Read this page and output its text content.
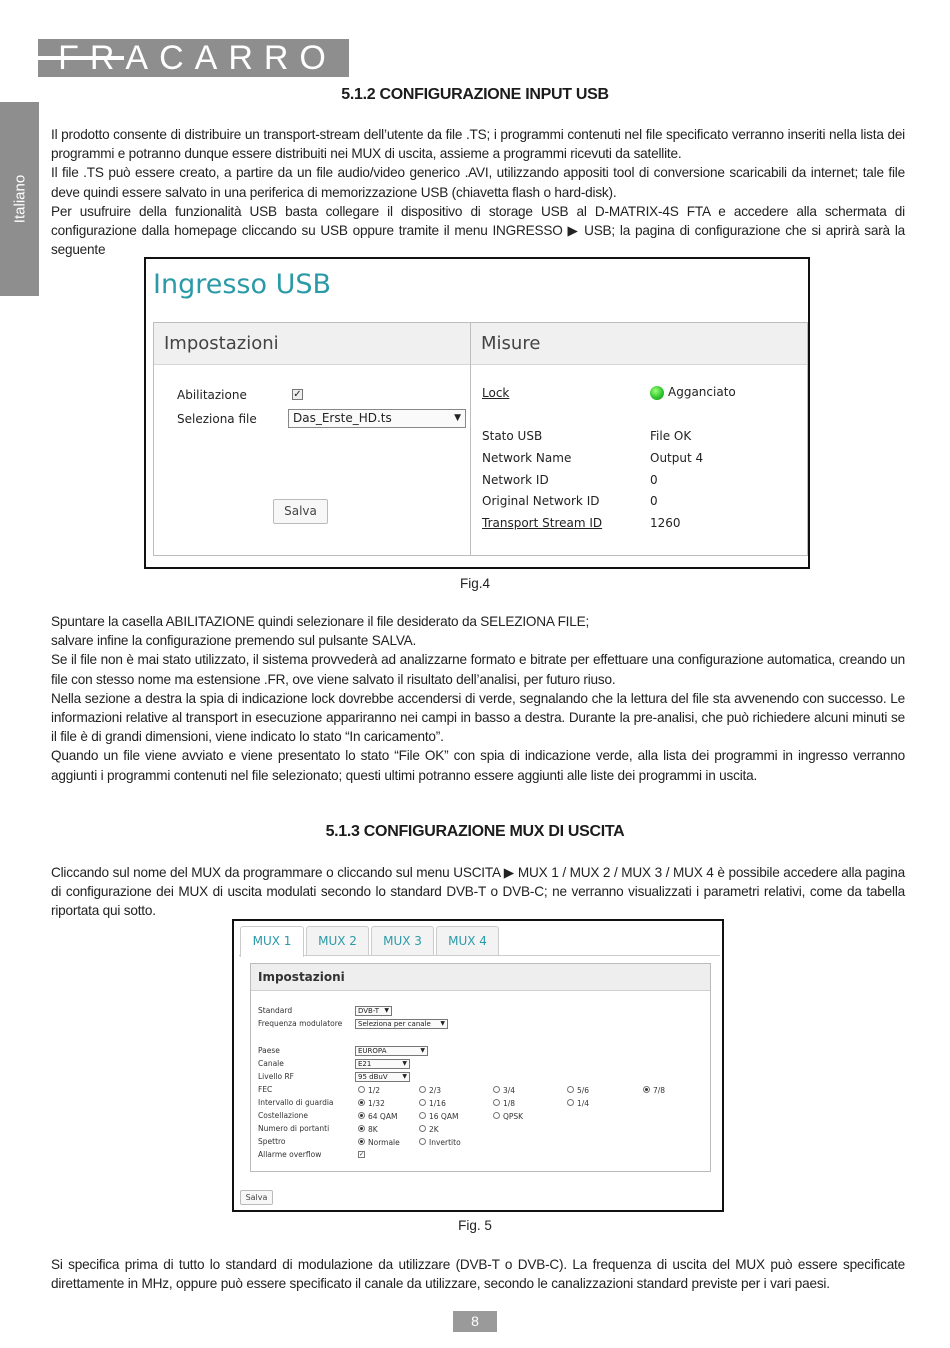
FRACARRO
Italiano
5.1.2 CONFIGURAZIONE INPUT USB

Il prodotto consente di distribuire un transport-stream dell’utente da file .TS; i programmi contenuti nel file specificato verranno inseriti nella lista dei programmi e potranno dunque essere distribuiti nei MUX di uscita, assieme a programmi ricevuti da satellite.

Il file .TS può essere creato, a partire da un file audio/video generico .AVI, utilizzando appositi tool di conversione scaricabili da internet; tale file deve quindi essere salvato in una periferica di memorizzazione USB (chiavetta flash o hard-disk).

Per usufruire della funzionalità USB basta collegare il dispositivo di storage USB al D-MATRIX-4S FTA e accedere alla schermata di configurazione dalla homepage cliccando su USB oppure tramite il menu INGRESSO ▶ USB; la pagina di configurazione che si aprirà sarà la seguente

Ingresso USB
Impostazioni	Misure
Abilitazione	✓
Seleziona file	Das_Erste_HD.ts	▼
Salva
Lock	Agganciato
Stato USB	File OK
Network Name	Output 4
Network ID	0
Original Network ID	0
Transport Stream ID	1260
Fig.4

Spuntare la casella ABILITAZIONE quindi selezionare il file desiderato da SELEZIONA FILE;

salvare infine la configurazione premendo sul pulsante SALVA.

Se il file non è mai stato utilizzato, il sistema provvederà ad analizzarne formato e bitrate per effettuare una configurazione automatica, creando un file con stesso nome ma estensione .FR, ove viene salvato il risultato dell’analisi, per futuro riuso.

Nella sezione a destra la spia di indicazione lock dovrebbe accendersi di verde, segnalando che la lettura del file sta avvenendo con successo. Le informazioni relative al transport in esecuzione appariranno nei campi in basso a destra. Durante la pre-analisi, che può richiedere alcuni minuti se il file è di grandi dimensioni, viene indicato lo stato “In caricamento”.

Quando un file viene avviato e viene presentato lo stato “File OK” con spia di indicazione verde, alla lista dei programmi in ingresso verranno aggiunti i programmi contenuti nel file selezionato; questi ultimi potranno essere aggiunti alle liste dei programmi in uscita.

5.1.3 CONFIGURAZIONE MUX DI USCITA

Cliccando sul nome del MUX da programmare o cliccando sul menu USCITA ▶ MUX 1 / MUX 2 / MUX 3 / MUX 4 è possibile accedere alla pagina di configurazione dei MUX di uscita modulati secondo lo standard DVB-T o DVB-C; ne verranno visualizzati i parametri relativi, come da tabella riportata qui sotto.

MUX 1	MUX 2	MUX 3	MUX 4
Impostazioni
Standard	DVB-T ▼
Frequenza modulatore	Seleziona per canale ▼
Paese	EUROPA	▼
Canale	E21	▼
Livello RF	95 dBuV ▼
FEC	1/2	2/3	3/4	5/6	7/8
Intervallo di guardia	1/32	1/16	1/8	1/4
Costellazione	64 QAM	16 QAM	QPSK
Numero di portanti	8K	2K
Spettro	Normale	Invertito
Allarme overflow	✓
Salva
Fig. 5

Si specifica prima di tutto lo standard di modulazione da utilizzare (DVB-T o DVB-C). La frequenza di uscita del MUX può essere specificate direttamente in MHz, oppure può essere specificato il canale da utilizzare, secondo le canalizzazioni standard previste per i vari paesi.

8
